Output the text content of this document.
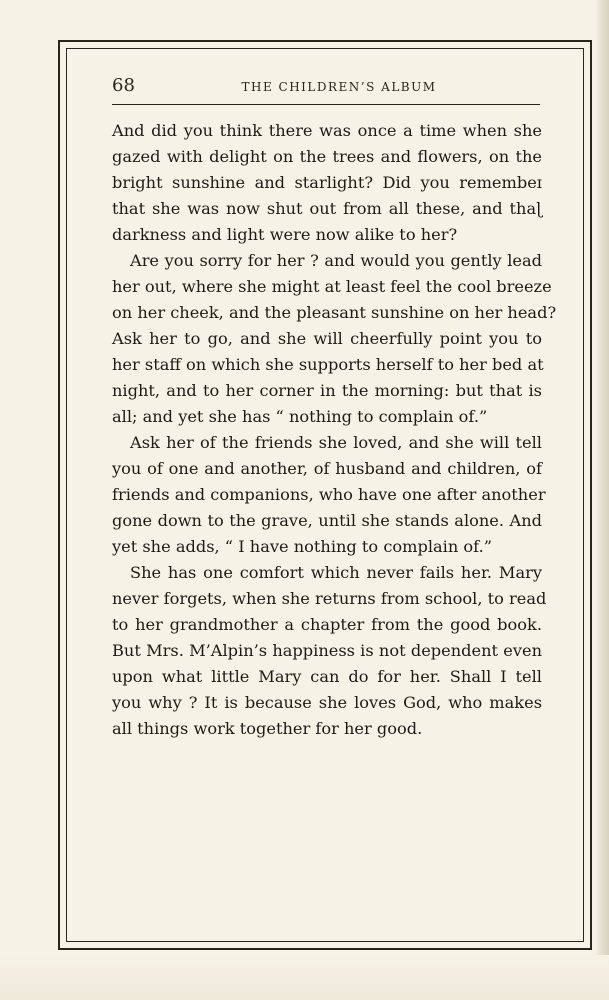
68	THE CHILDREN’S ALBUM
And did you think there was once a time when she
gazed with delight on the trees and flowers, on the
bright sunshine and starlight? Did you remembeɪ
that she was now shut out from all these, and thaɭ
darkness and light were now alike to her?
Are you sorry for her ? and would you gently lead
her out, where she might at least feel the cool breeze
on her cheek, and the pleasant sunshine on her head?
Ask her to go, and she will cheerfully point you to
her staff on which she supports herself to her bed at
night, and to her corner in the morning: but that is
all; and yet she has “ nothing to complain of.”
Ask her of the friends she loved, and she will tell
you of one and another, of husband and children, of
friends and companions, who have one after another
gone down to the grave, until she stands alone. And
yet she adds, “ I have nothing to complain of.”
She has one comfort which never fails her. Mary
never forgets, when she returns from school, to read
to her grandmother a chapter from the good book.
But Mrs. M’Alpin’s happiness is not dependent even
upon what little Mary can do for her. Shall I tell
you why ? It is because she loves God, who makes
all things work together for her good.
